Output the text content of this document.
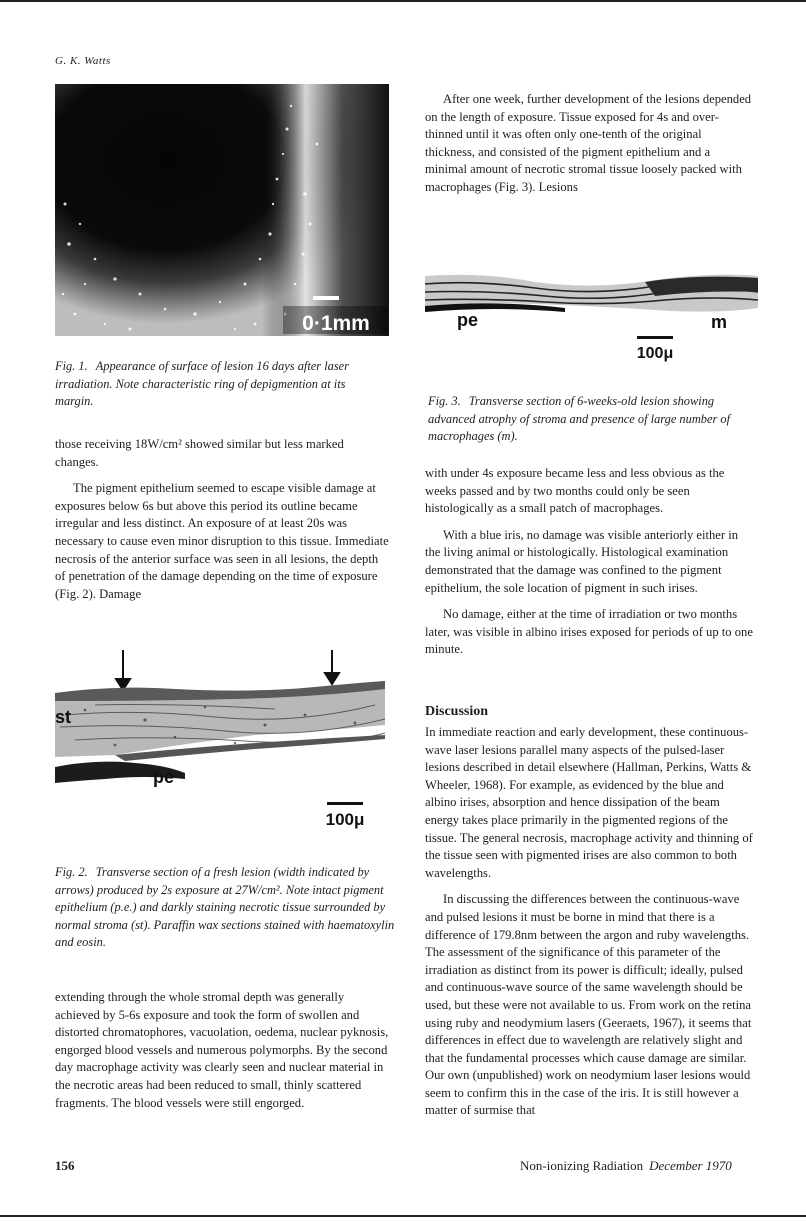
G. K. Watts
0·1mm
Fig. 1. Appearance of surface of lesion 16 days after laser irradiation. Note characteristic ring of depigmention at its margin.

those receiving 18W/cm² showed similar but less marked changes.

The pigment epithelium seemed to escape visible damage at exposures below 6s but above this period its outline became irregular and less distinct. An exposure of at least 20s was necessary to cause even minor disruption to this tissue. Immediate necrosis of the anterior surface was seen in all lesions, the depth of penetration of the damage depending on the time of exposure (Fig. 2). Damage

st
pe
100μ
Fig. 2. Transverse section of a fresh lesion (width indicated by arrows) produced by 2s exposure at 27W/cm². Note intact pigment epithelium (p.e.) and darkly staining necrotic tissue surrounded by normal stroma (st). Paraffin wax sections stained with haematoxylin and eosin.

extending through the whole stromal depth was generally achieved by 5-6s exposure and took the form of swollen and distorted chromatophores, vacuolation, oedema, nuclear pyknosis, engorged blood vessels and numerous polymorphs. By the second day macrophage activity was clearly seen and nuclear material in the necrotic areas had been reduced to small, thinly scattered fragments. The blood vessels were still engorged.

After one week, further development of the lesions depended on the length of exposure. Tissue exposed for 4s and over-thinned until it was often only one-tenth of the original thickness, and consisted of the pigment epithelium and a minimal amount of necrotic stromal tissue loosely packed with macrophages (Fig. 3). Lesions

pe	m
100μ
Fig. 3. Transverse section of 6-weeks-old lesion showing advanced atrophy of stroma and presence of large number of macrophages (m).

with under 4s exposure became less and less obvious as the weeks passed and by two months could only be seen histologically as a small patch of macrophages.

With a blue iris, no damage was visible anteriorly either in the living animal or histologically. Histological examination demonstrated that the damage was confined to the pigment epithelium, the sole location of pigment in such irises.

No damage, either at the time of irradiation or two months later, was visible in albino irises exposed for periods of up to one minute.

Discussion

In immediate reaction and early development, these continuous-wave laser lesions parallel many aspects of the pulsed-laser lesions described in detail elsewhere (Hallman, Perkins, Watts & Wheeler, 1968). For example, as evidenced by the blue and albino irises, absorption and hence dissipation of the beam energy takes place primarily in the pigmented regions of the tissue. The general necrosis, macrophage activity and thinning of the tissue seen with pigmented irises are also common to both wavelengths.

In discussing the differences between the continuous-wave and pulsed lesions it must be borne in mind that there is a difference of 179.8nm between the argon and ruby wavelengths. The assessment of the significance of this parameter of the irradiation as distinct from its power is difficult; ideally, pulsed and continuous-wave source of the same wavelength should be used, but these were not available to us. From work on the retina using ruby and neodymium lasers (Geeraets, 1967), it seems that differences in effect due to wavelength are relatively slight and that the fundamental processes which cause damage are similar. Our own (unpublished) work on neodymium laser lesions would seem to confirm this in the case of the iris. It is still however a matter of surmise that

156	Non-ionizing Radiation December 1970
